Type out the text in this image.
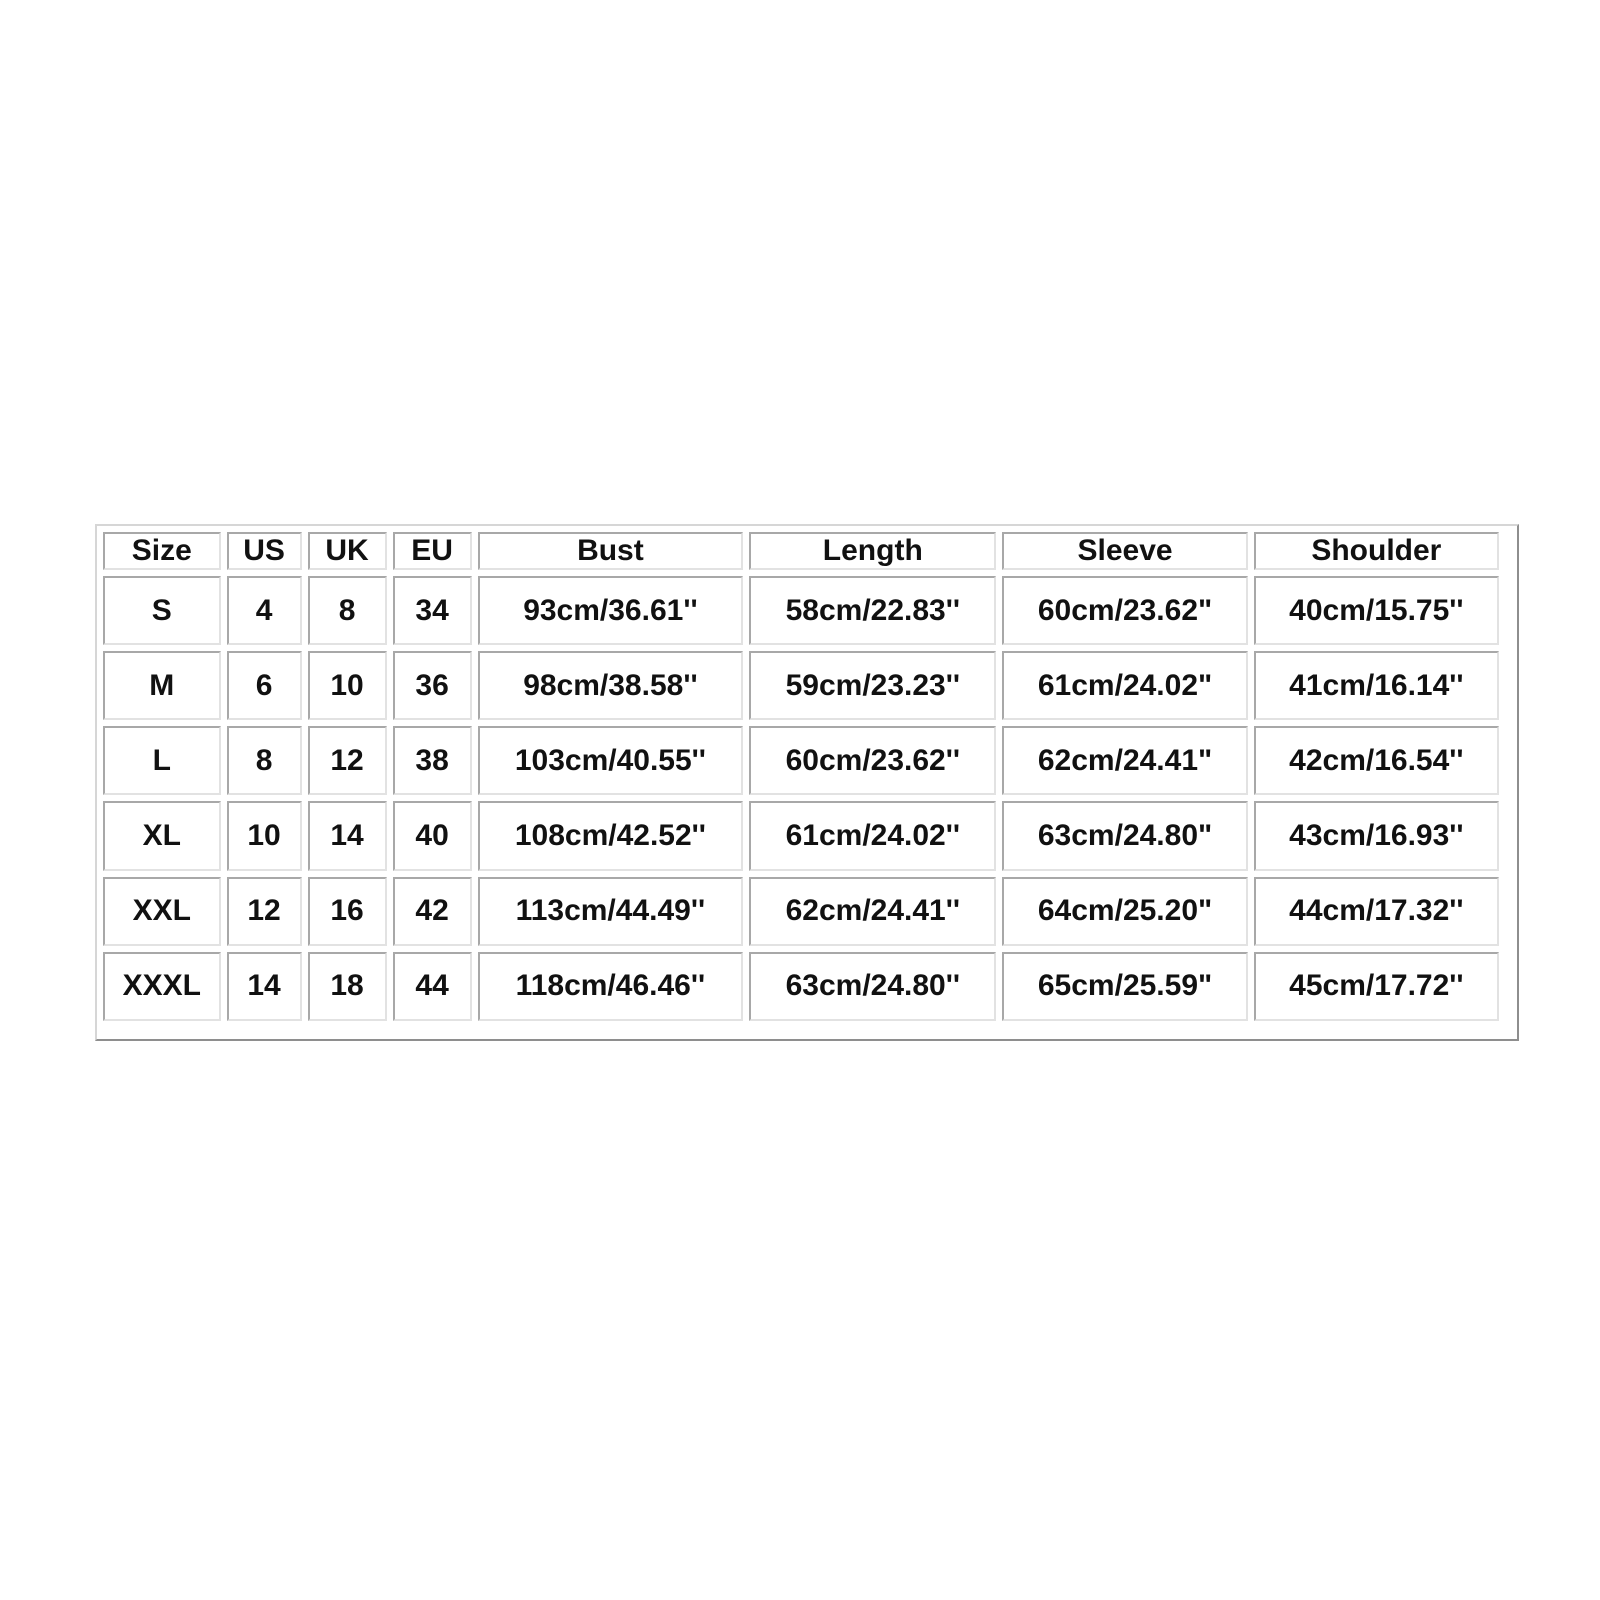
Size	US	UK	EU	Bust	Length	Sleeve	Shoulder
S	4	8	34	93cm/36.61''	58cm/22.83''	60cm/23.62"	40cm/15.75''
M	6	10	36	98cm/38.58''	59cm/23.23''	61cm/24.02"	41cm/16.14''
L	8	12	38	103cm/40.55''	60cm/23.62''	62cm/24.41"	42cm/16.54''
XL	10	14	40	108cm/42.52''	61cm/24.02''	63cm/24.80"	43cm/16.93''
XXL	12	16	42	113cm/44.49''	62cm/24.41''	64cm/25.20"	44cm/17.32''
XXXL	14	18	44	118cm/46.46''	63cm/24.80''	65cm/25.59"	45cm/17.72''
